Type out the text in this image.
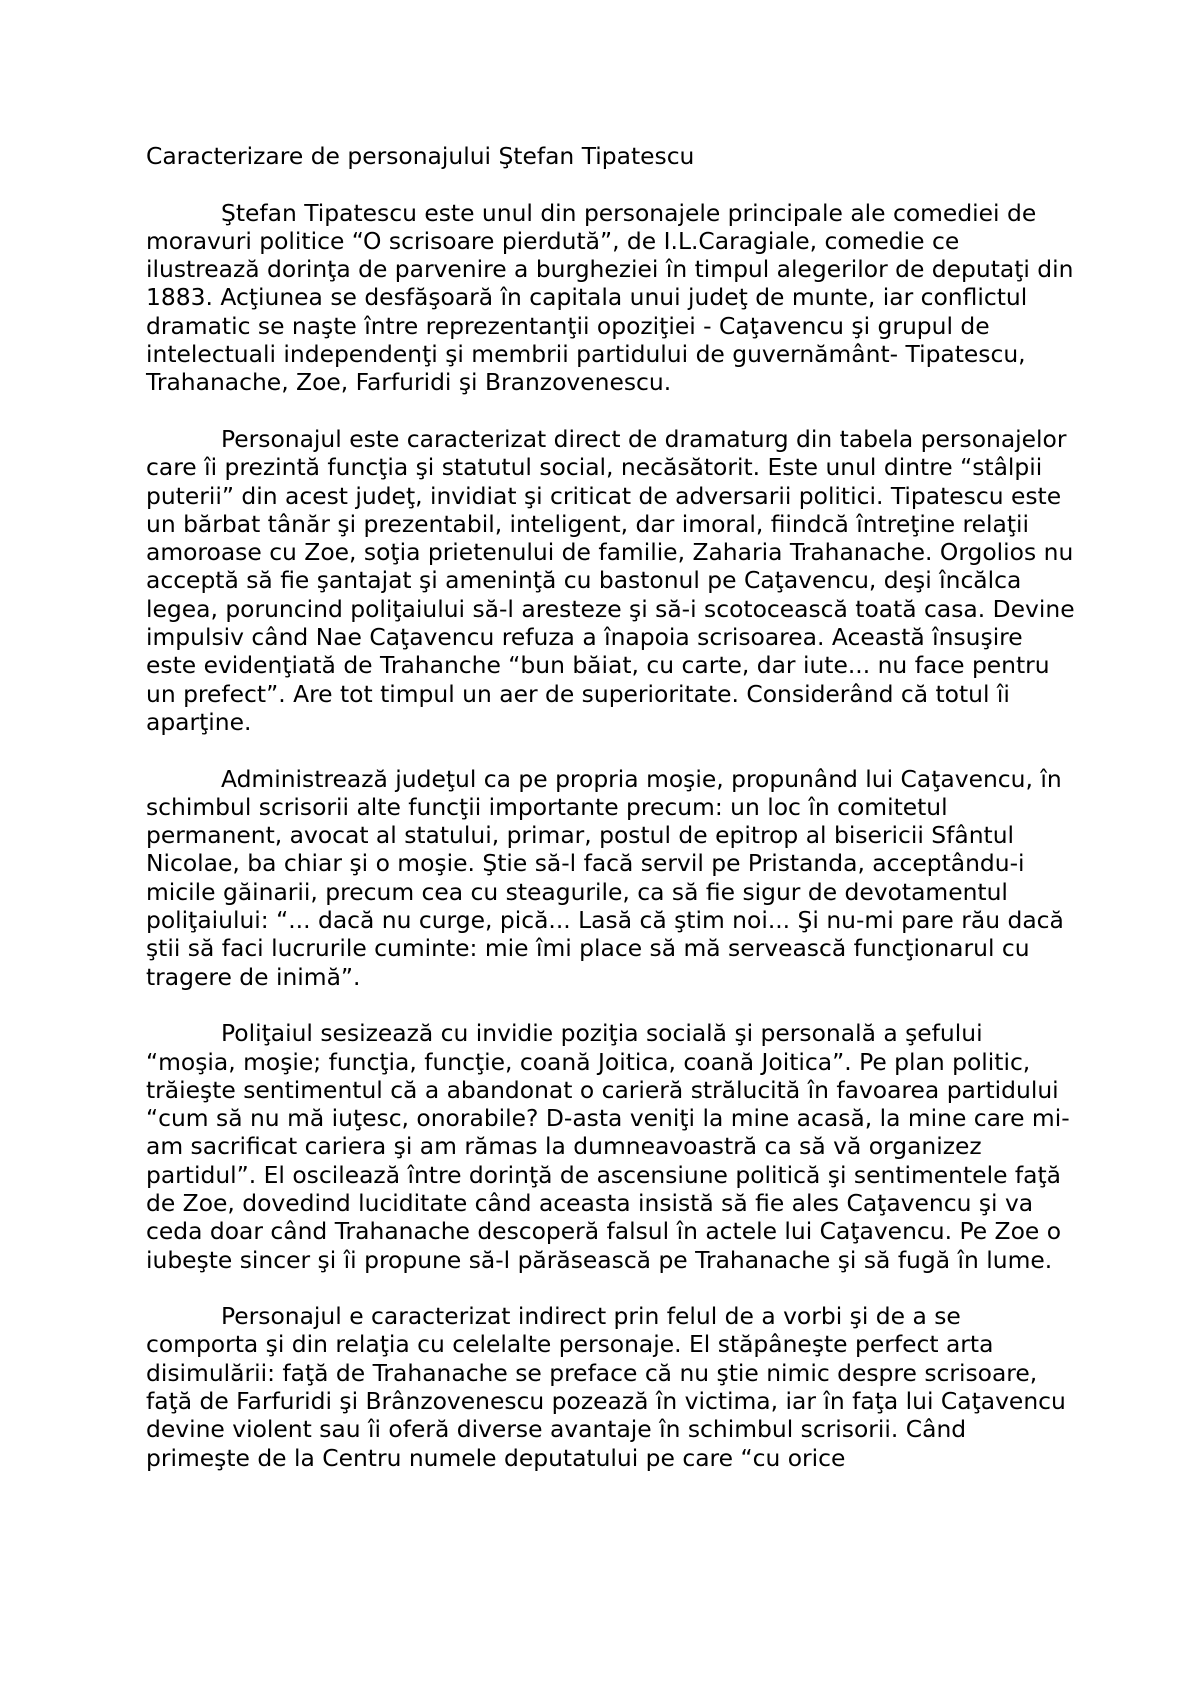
Caracterizare de personajului Ştefan Tipatescu

Ştefan Tipatescu este unul din personajele principale ale comediei de moravuri politice “O scrisoare pierdută”, de I.L.Caragiale, comedie ce ilustrează dorinţa de parvenire a burgheziei în timpul alegerilor de deputaţi din 1883. Acţiunea se desfăşoară în capitala unui judeţ de munte, iar conflictul dramatic se naşte între reprezentanţii opoziţiei - Caţavencu şi grupul de intelectuali independenţi şi membrii partidului de guvernământ- Tipatescu, Trahanache, Zoe, Farfuridi şi Branzovenescu.

Personajul este caracterizat direct de dramaturg din tabela personajelor care îi prezintă funcţia şi statutul social, necăsătorit. Este unul dintre “stâlpii puterii” din acest judeţ, invidiat şi criticat de adversarii politici. Tipatescu este un bărbat tânăr şi prezentabil, inteligent, dar imoral, fiindcă întreţine relaţii amoroase cu Zoe, soţia prietenului de familie, Zaharia Trahanache. Orgolios nu acceptă să fie şantajat şi ameninţă cu bastonul pe Caţavencu, deşi încălca legea, poruncind poliţaiului să-l aresteze şi să-i scotocească toată casa. Devine impulsiv când Nae Caţavencu refuza a înapoia scrisoarea. Această însuşire este evidenţiată de Trahanche “bun băiat, cu carte, dar iute... nu face pentru un prefect”. Are tot timpul un aer de superioritate. Considerând că totul îi aparţine.

Administrează judeţul ca pe propria moşie, propunând lui Caţavencu, în schimbul scrisorii alte funcţii importante precum: un loc în comitetul permanent, avocat al statului, primar, postul de epitrop al bisericii Sfântul Nicolae, ba chiar şi o moşie. Ştie să-l facă servil pe Pristanda, acceptându-i micile găinarii, precum cea cu steagurile, ca să fie sigur de devotamentul poliţaiului: “... dacă nu curge, pică... Lasă că ştim noi... Şi nu-mi pare rău dacă ştii să faci lucrurile cuminte: mie îmi place să mă servească funcţionarul cu tragere de inimă”.

Poliţaiul sesizează cu invidie poziţia socială şi personală a şefului “moşia, moşie; funcţia, funcţie, coană Joitica, coană Joitica”. Pe plan politic, trăieşte sentimentul că a abandonat o carieră strălucită în favoarea partidului “cum să nu mă iuţesc, onorabile? D-asta veniţi la mine acasă, la mine care mi-am sacrificat cariera şi am rămas la dumneavoastră ca să vă organizez partidul”. El oscilează între dorinţă de ascensiune politică şi sentimentele faţă de Zoe, dovedind luciditate când aceasta insistă să fie ales Caţavencu şi va ceda doar când Trahanache descoperă falsul în actele lui Caţavencu. Pe Zoe o iubeşte sincer şi îi propune să-l părăsească pe Trahanache şi să fugă în lume.

Personajul e caracterizat indirect prin felul de a vorbi şi de a se comporta şi din relaţia cu celelalte personaje. El stăpâneşte perfect arta disimulării: faţă de Trahanache se preface că nu ştie nimic despre scrisoare, faţă de Farfuridi şi Brânzovenescu pozează în victima, iar în faţa lui Caţavencu devine violent sau îi oferă diverse avantaje în schimbul scrisorii. Când primeşte de la Centru numele deputatului pe care “cu orice
